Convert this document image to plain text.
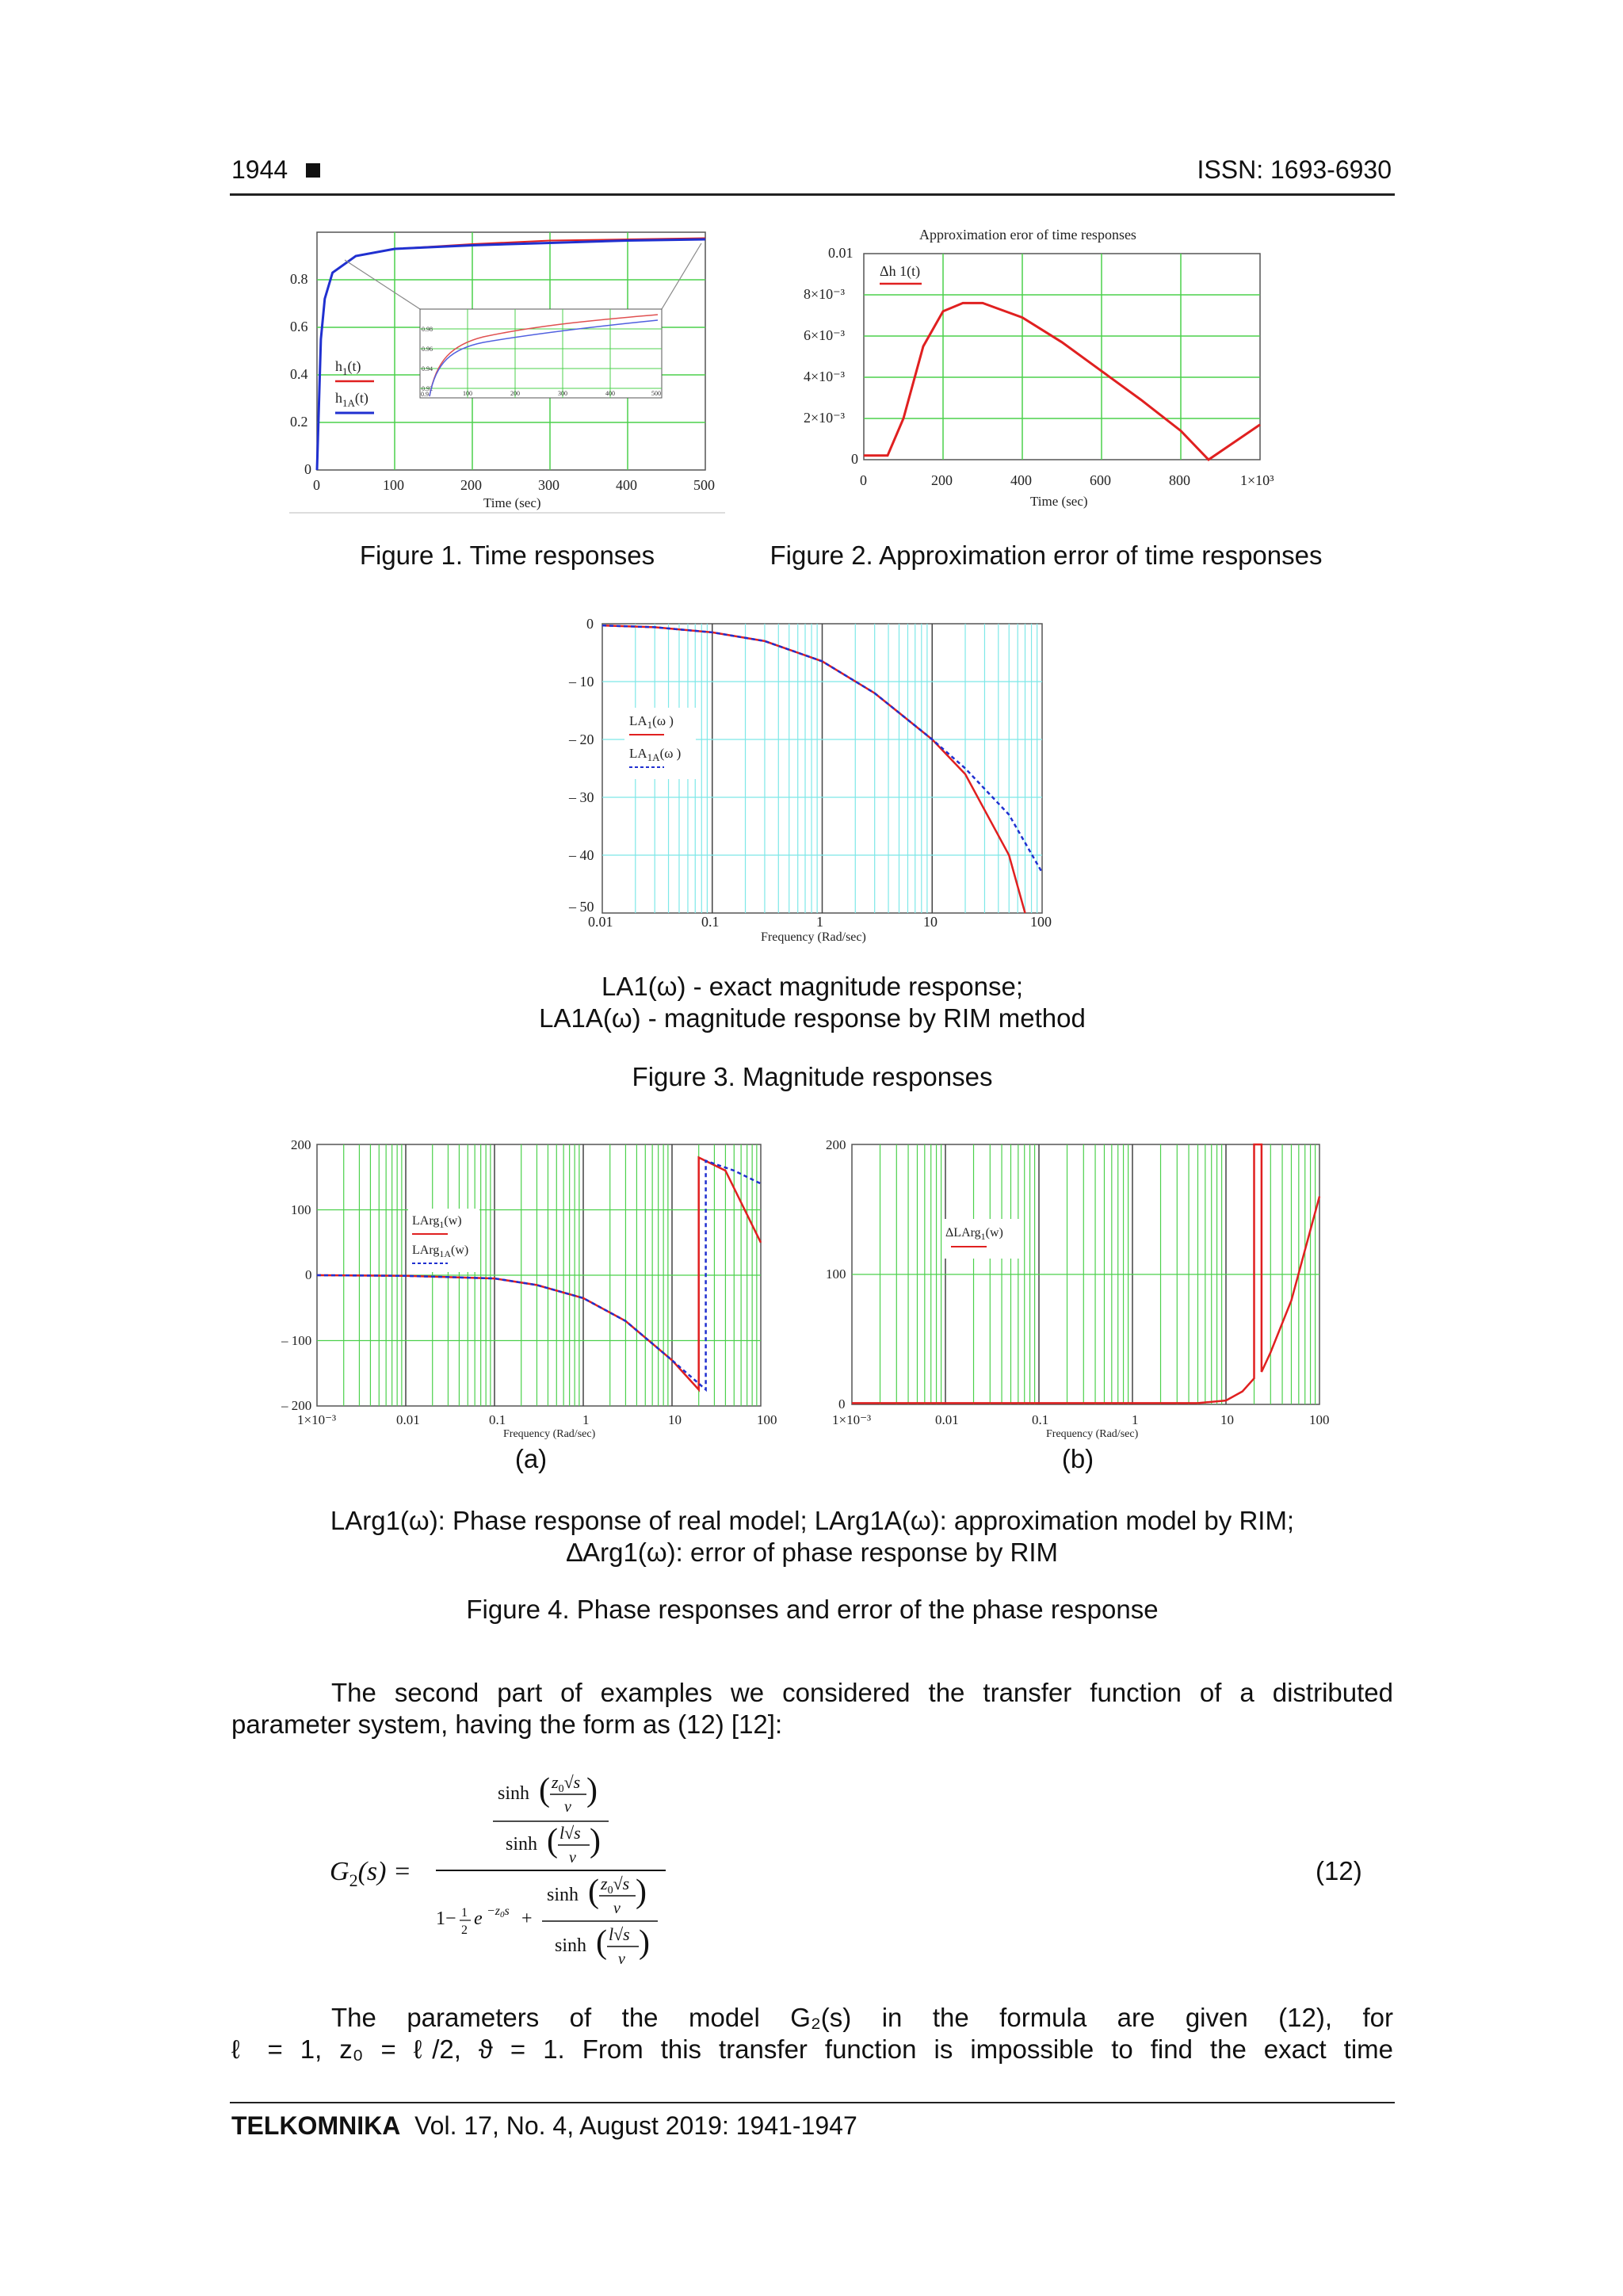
1944	ISSN: 1693-6930
0
0.2
0.4
0.6
0.8
0	100	200	300	400	500
Time (sec)
0.98
0.96
0.94
0.92
0.9	100	200	300	400	500
$h_1(t)$
$h_{1A}(t)$
Figure 1. Time responses
Approximation eror of time responses
0
2×10⁻³
4×10⁻³
6×10⁻³
8×10⁻³
0.01
0	200	400	600	800	1×10³
Time (sec)
Δh 1(t)
Figure 2. Approximation error of time responses
0
– 10
– 20
– 30
– 40
– 50
0.01	0.1	1	10	100
Frequency (Rad/sec)
$LA_1(\omega$ )
$LA_{1A}(\omega$ )
LA1(ω) - exact magnitude response;
LA1A(ω) - magnitude response by RIM method
Figure 3. Magnitude responses
200
100
0
– 100
– 200
1×10⁻³	0.01	0.1	1	10	100
Frequency (Rad/sec)
LArg$_1$(w)
LArg$_{1A}$(w)
(a)
200
100
0
1×10⁻³	0.01	0.1	1	10	100
Frequency (Rad/sec)
ΔLArg$_1$(w)
(b)
LArg1(ω): Phase response of real model; LArg1A(ω): approximation model by RIM;
∆Arg1(ω): error of phase response by RIM
Figure 4. Phase responses and error of the phase response
The second part of examples we considered the transfer function of a distributed
parameter system, having the form as (12) [12]:
$G_2(s)$ =
sinh ( $z_0√s$
v )
sinh ( l√s
v )
1− 1
2
e −z0s +
sinh ( $z_0√s$
v )
sinh ( l√s
v )
(12)
The parameters of the model G₂(s) in the formula are given (12), for
ℓ = 1, z₀ = ℓ/2, ϑ = 1. From this transfer function is impossible to find the exact time
TELKOMNIKA Vol. 17, No. 4, August 2019: 1941-1947
